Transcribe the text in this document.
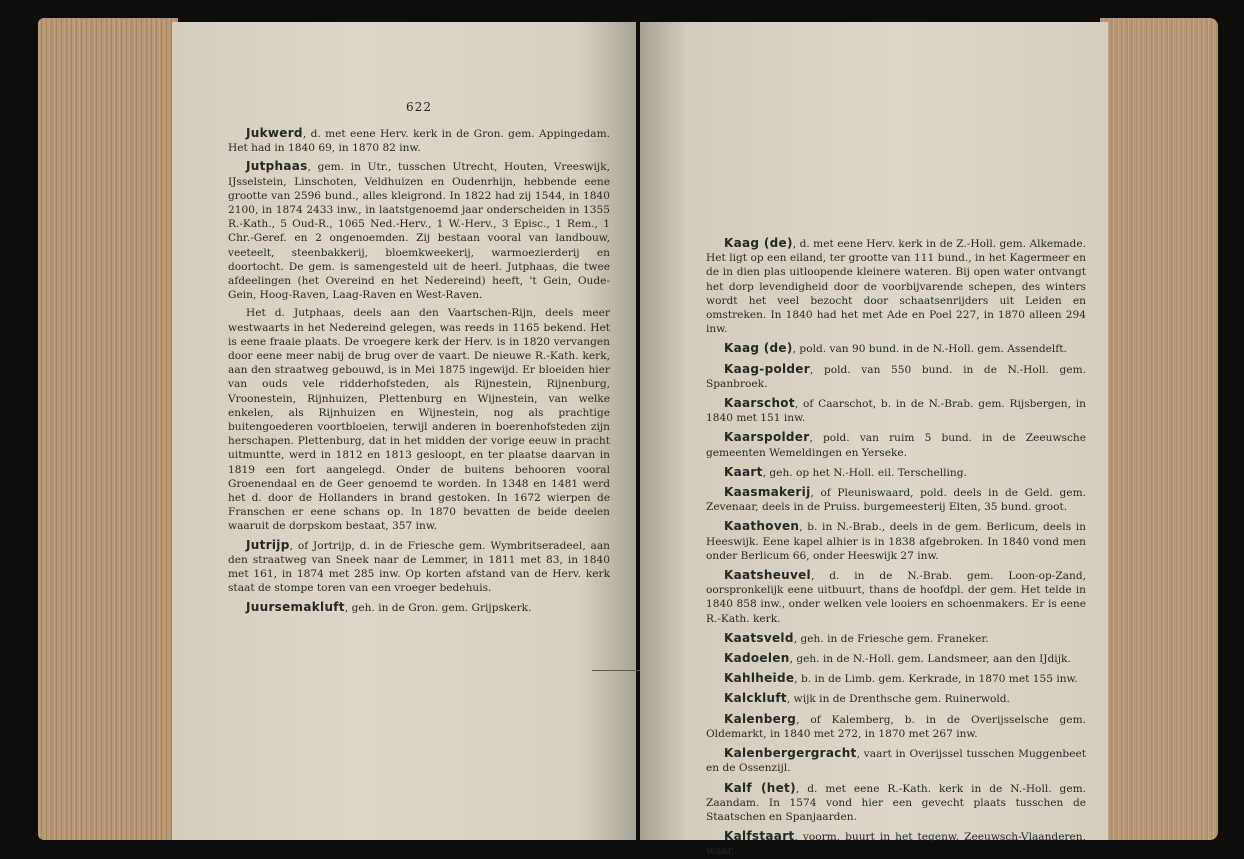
622

Jukwerd, d. met eene Herv. kerk in de Gron. gem. Appingedam. Het had in 1840 69, in 1870 82 inw.

Jutphaas, gem. in Utr., tusschen Utrecht, Houten, Vreeswijk, IJsselstein, Linschoten, Veldhuizen en Oudenrhijn, hebbende eene grootte van 2596 bund., alles kleigrond. In 1822 had zij 1544, in 1840 2100, in 1874 2433 inw., in laatstgenoemd jaar onderscheiden in 1355 R.-Kath., 5 Oud-R., 1065 Ned.-Herv., 1 W.-Herv., 3 Episc., 1 Rem., 1 Chr.-Geref. en 2 ongenoemden. Zij bestaan vooral van landbouw, veeteelt, steenbakkerij, bloemkweekerij, warmoezierderij en doortocht. De gem. is samengesteld uit de heerl. Jutphaas, die twee afdeelingen (het Overeind en het Nedereind) heeft, 't Gein, Oude-Gein, Hoog-Raven, Laag-Raven en West-Raven.

Het d. Jutphaas, deels aan den Vaartschen-Rijn, deels meer westwaarts in het Nedereind gelegen, was reeds in 1165 bekend. Het is eene fraaie plaats. De vroegere kerk der Herv. is in 1820 vervangen door eene meer nabij de brug over de vaart. De nieuwe R.-Kath. kerk, aan den straatweg gebouwd, is in Mei 1875 ingewijd. Er bloeiden hier van ouds vele ridderhofsteden, als Rijnestein, Rijnenburg, Vroonestein, Rijnhuizen, Plettenburg en Wijnestein, van welke enkelen, als Rijnhuizen en Wijnestein, nog als prachtige buitengoederen voortbloeien, terwijl anderen in boerenhofsteden zijn herschapen. Plettenburg, dat in het midden der vorige eeuw in pracht uitmuntte, werd in 1812 en 1813 gesloopt, en ter plaatse daarvan in 1819 een fort aangelegd. Onder de buitens behooren vooral Groenendaal en de Geer genoemd te worden. In 1348 en 1481 werd het d. door de Hollanders in brand gestoken. In 1672 wierpen de Franschen er eene schans op. In 1870 bevatten de beide deelen waaruit de dorpskom bestaat, 357 inw.

Jutrijp, of Jortrijp, d. in de Friesche gem. Wymbritseradeel, aan den straatweg van Sneek naar de Lemmer, in 1811 met 83, in 1840 met 161, in 1874 met 285 inw. Op korten afstand van de Herv. kerk staat de stompe toren van een vroeger bedehuis.

Juursemakluft, geh. in de Gron. gem. Grijpskerk.

Kaag (de), d. met eene Herv. kerk in de Z.-Holl. gem. Alkemade. Het ligt op een eiland, ter grootte van 111 bund., in het Kagermeer en de in dien plas uitloopende kleinere wateren. Bij open water ontvangt het dorp levendigheid door de voorbijvarende schepen, des winters wordt het veel bezocht door schaatsenrijders uit Leiden en omstreken. In 1840 had het met Ade en Poel 227, in 1870 alleen 294 inw.

Kaag (de), pold. van 90 bund. in de N.-Holl. gem. Assendelft.

Kaag-polder, pold. van 550 bund. in de N.-Holl. gem. Spanbroek.

Kaarschot, of Caarschot, b. in de N.-Brab. gem. Rijsbergen, in 1840 met 151 inw.

Kaarspolder, pold. van ruim 5 bund. in de Zeeuwsche gemeenten Wemeldingen en Yerseke.

Kaart, geh. op het N.-Holl. eil. Terschelling.

Kaasmakerij, of Pleuniswaard, pold. deels in de Geld. gem. Zevenaar, deels in de Pruiss. burgemeesterij Elten, 35 bund. groot.

Kaathoven, b. in N.-Brab., deels in de gem. Berlicum, deels in Heeswijk. Eene kapel alhier is in 1838 afgebroken. In 1840 vond men onder Berlicum 66, onder Heeswijk 27 inw.

Kaatsheuvel, d. in de N.-Brab. gem. Loon-op-Zand, oorspronkelijk eene uitbuurt, thans de hoofdpl. der gem. Het telde in 1840 858 inw., onder welken vele looiers en schoenmakers. Er is eene R.-Kath. kerk.

Kaatsveld, geh. in de Friesche gem. Franeker.

Kadoelen, geh. in de N.-Holl. gem. Landsmeer, aan den IJdijk.

Kahlheide, b. in de Limb. gem. Kerkrade, in 1870 met 155 inw.

Kalckluft, wijk in de Drenthsche gem. Ruinerwold.

Kalenberg, of Kalemberg, b. in de Overijsselsche gem. Oldemarkt, in 1840 met 272, in 1870 met 267 inw.

Kalenbergergracht, vaart in Overijssel tusschen Muggenbeet en de Ossenzijl.

Kalf (het), d. met eene R.-Kath. kerk in de N.-Holl. gem. Zaandam. In 1574 vond hier een gevecht plaats tusschen de Staatschen en Spanjaarden.

Kalfstaart, voorm. buurt in het tegenw. Zeeuwsch-Vlaanderen, waar
